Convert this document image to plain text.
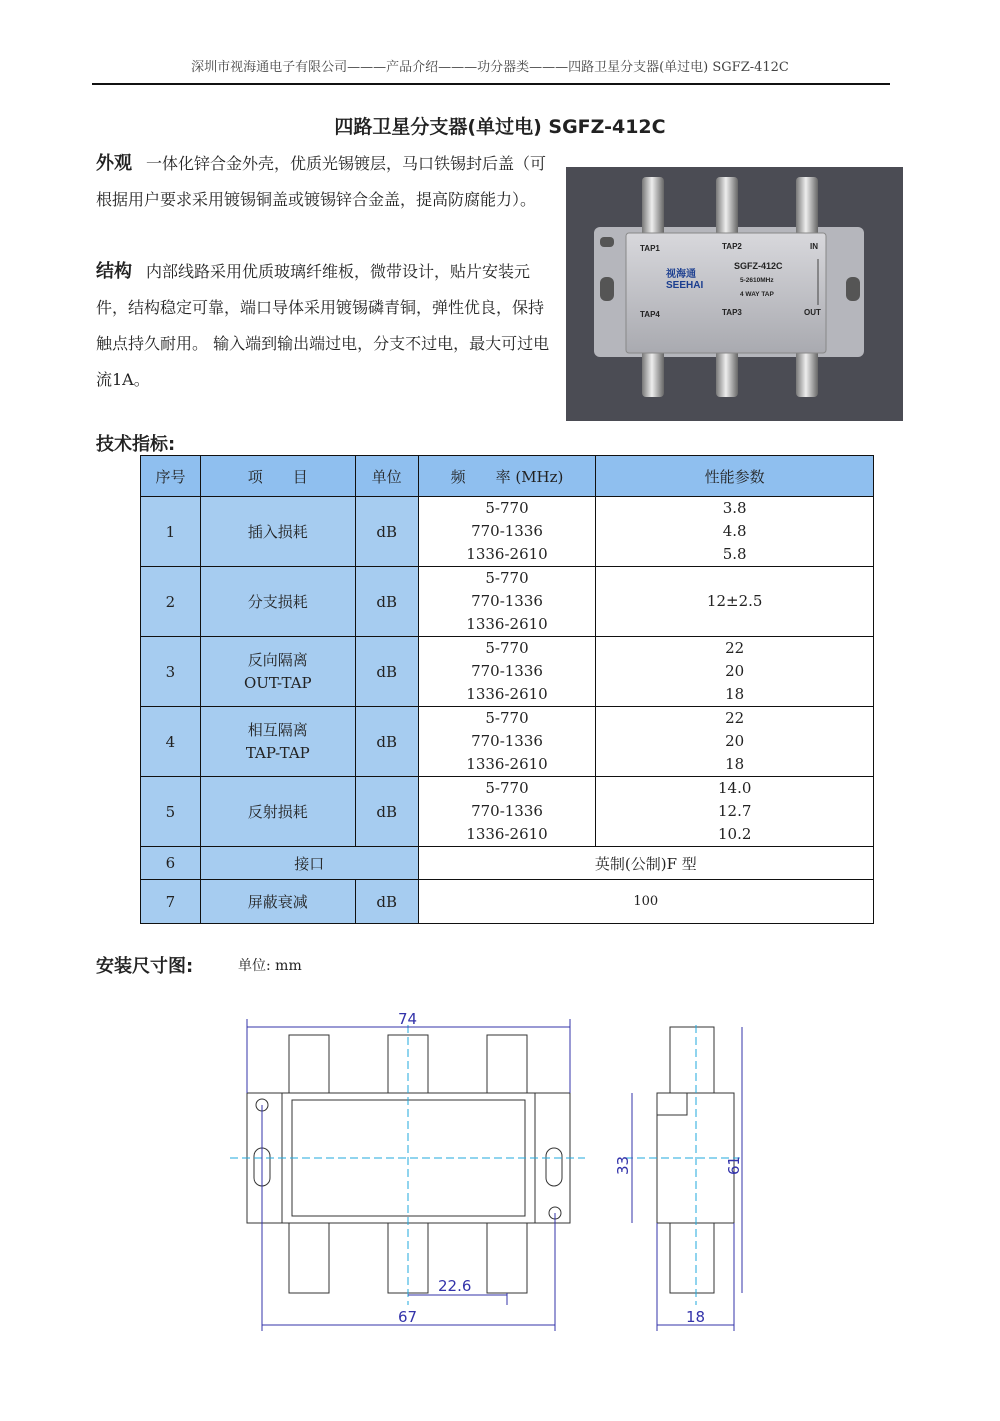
深圳市视海通电子有限公司———产品介绍———功分器类———四路卫星分支器(单过电) SGFZ-412C
四路卫星分支器(单过电) SGFZ-412C
外观 一体化锌合金外壳，优质光锡镀层，马口铁锡封后盖（可根据用户要求采用镀锡铜盖或镀锡锌合金盖，提高防腐能力）。
结构 内部线路采用优质玻璃纤维板，微带设计，贴片安装元件，结构稳定可靠，端口导体采用镀锡磷青铜，弹性优良，保持触点持久耐用。 输入端到输出端过电，分支不过电，最大可过电流1A。
TAP1	TAP2	IN
TAP4	TAP3	OUT
SGFZ-412C
5-2610MHz
4 WAY TAP
视海通
SEEHAI
技术指标:
序号	项　　目	单位	频　　率 (MHz)	性能参数
1	插入损耗	dB	5-770
770-1336
1336-2610	3.8
4.8
5.8
2	分支损耗	dB	5-770
770-1336
1336-2610	12±2.5
3	反向隔离
OUT-TAP	dB	5-770
770-1336
1336-2610	22
20
18
4	相互隔离
TAP-TAP	dB	5-770
770-1336
1336-2610	22
20
18
5	反射损耗	dB	5-770
770-1336
1336-2610	14.0
12.7
10.2
6	接口		英制(公制)F 型	
7	屏蔽衰减	dB	100	
安装尺寸图:	单位: mm
74
67
22.6
18
33	61
